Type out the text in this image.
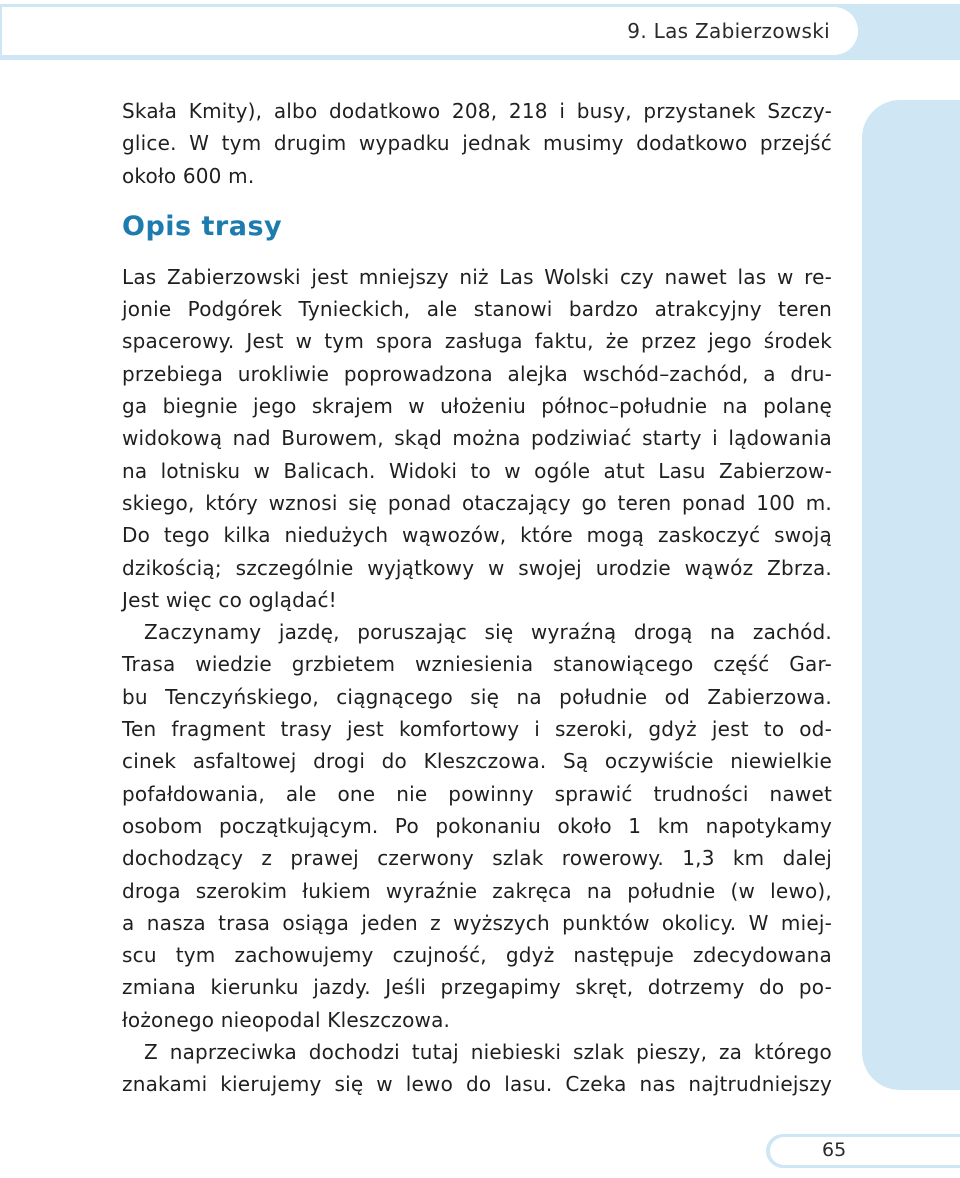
9. Las Zabierzowski
Skała Kmity), albo dodatkowo 208, 218 i busy, przystanek Szczy-
glice. W tym drugim wypadku jednak musimy dodatkowo przejść
około 600 m.
Opis trasy
Las Zabierzowski jest mniejszy niż Las Wolski czy nawet las w re-
jonie Podgórek Tynieckich, ale stanowi bardzo atrakcyjny teren
spacerowy. Jest w tym spora zasługa faktu, że przez jego środek
przebiega urokliwie poprowadzona alejka wschód–zachód, a dru-
ga biegnie jego skrajem w ułożeniu północ–południe na polanę
widokową nad Burowem, skąd można podziwiać starty i lądowania
na lotnisku w Balicach. Widoki to w ogóle atut Lasu Zabierzow-
skiego, który wznosi się ponad otaczający go teren ponad 100 m.
Do tego kilka niedużych wąwozów, które mogą zaskoczyć swoją
dzikością; szczególnie wyjątkowy w swojej urodzie wąwóz Zbrza.
Jest więc co oglądać!
Zaczynamy jazdę, poruszając się wyraźną drogą na zachód.
Trasa wiedzie grzbietem wzniesienia stanowiącego część Gar-
bu Tenczyńskiego, ciągnącego się na południe od Zabierzowa.
Ten fragment trasy jest komfortowy i szeroki, gdyż jest to od-
cinek asfaltowej drogi do Kleszczowa. Są oczywiście niewielkie
pofałdowania, ale one nie powinny sprawić trudności nawet
osobom początkującym. Po pokonaniu około 1 km napotykamy
dochodzący z prawej czerwony szlak rowerowy. 1,3 km dalej
droga szerokim łukiem wyraźnie zakręca na południe (w lewo),
a nasza trasa osiąga jeden z wyższych punktów okolicy. W miej-
scu tym zachowujemy czujność, gdyż następuje zdecydowana
zmiana kierunku jazdy. Jeśli przegapimy skręt, dotrzemy do po-
łożonego nieopodal Kleszczowa.
Z naprzeciwka dochodzi tutaj niebieski szlak pieszy, za którego
znakami kierujemy się w lewo do lasu. Czeka nas najtrudniejszy
65
